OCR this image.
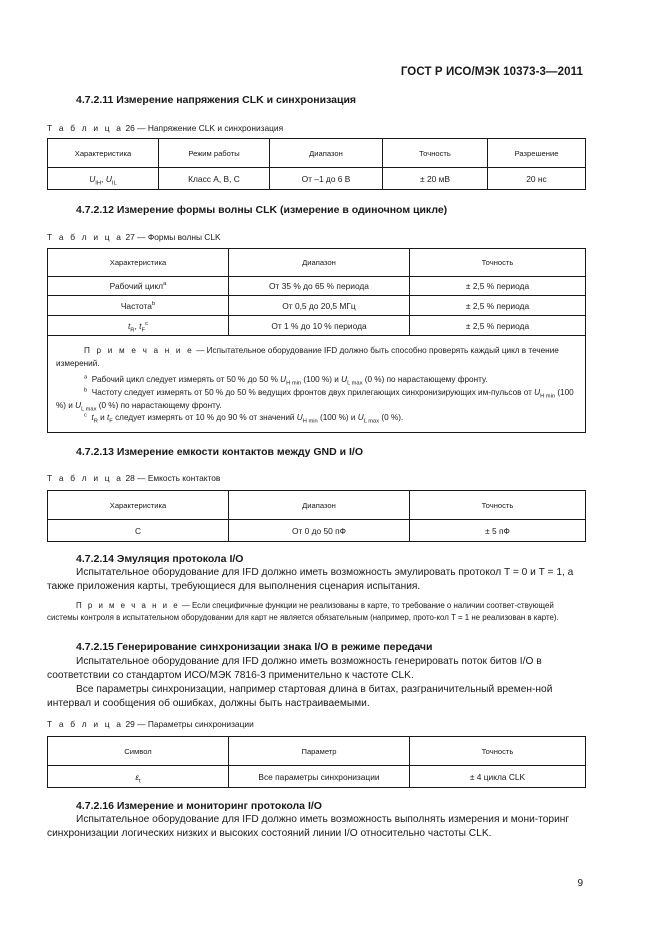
ГОСТ Р ИСО/МЭК 10373-3—2011
4.7.2.11 Измерение напряжения CLK и синхронизация
Т а б л и ц а 26 — Напряжение CLK и синхронизация
Характеристика	Режим работы	Диапазон	Точность	Разрешение
$U_{IH}$, $U_{IL}$	Класс A, B, C	От –1 до 6 В	± 20 мВ	20 нс
4.7.2.12 Измерение формы волны CLK (измерение в одиночном цикле)
Т а б л и ц а 27 — Формы волны CLK
Характеристика	Диапазон	Точность
Рабочий цикл$^a$	От 35 % до 65 % периода	± 2,5 % периода
Частота$^b$	От 0,5 до 20,5 МГц	± 2,5 % периода
$t_R$, $t_F^c$	От 1 % до 10 % периода	± 2,5 % периода

П р и м е ч а н и е — Испытательное оборудование IFD должно быть способно проверять каждый цикл в течение измерений.
$^a$ Рабочий цикл следует измерять от 50 % до 50 % $U_{H min}$ (100 %) и $U_{L max}$ (0 %) по нарастающему фронту.
$^b$ Частоту следует измерять от 50 % до 50 % ведущих фронтов двух прилегающих синхронизирующих им-пульсов от $U_{H min}$ (100 %) и $U_{L max}$ (0 %) по нарастающему фронту.
$^c$ $t_R$ и $t_F$ следует измерять от 10 % до 90 % от значений $U_{H min}$ (100 %) и $U_{L max}$ (0 %).		
4.7.2.13 Измерение емкости контактов между GND и I/O
Т а б л и ц а 28 — Емкость контактов
Характеристика	Диапазон	Точность
C	От 0 до 50 пФ	± 5 пФ
4.7.2.14 Эмуляция протокола I/O
Испытательное оборудование для IFD должно иметь возможность эмулировать протокол T = 0 и T = 1, а также приложения карты, требующиеся для выполнения сценария испытания.
П р и м е ч а н и е — Если специфичные функции не реализованы в карте, то требование о наличии соответ-ствующей системы контроля в испытательном оборудовании для карт не является обязательным (например, прото-кол T = 1 не реализован в карте).
4.7.2.15 Генерирование синхронизации знака I/O в режиме передачи
Испытательное оборудование для IFD должно иметь возможность генерировать поток битов I/O в соответствии со стандартом ИСО/МЭК 7816-3 применительно к частоте CLK.
Все параметры синхронизации, например стартовая длина в битах, разграничительный времен-ной интервал и сообщения об ошибках, должны быть настраиваемыми.
Т а б л и ц а 29 — Параметры синхронизации
Символ	Параметр	Точность
$\varepsilon_t$	Все параметры синхронизации	± 4 цикла CLK
4.7.2.16 Измерение и мониторинг протокола I/O
Испытательное оборудование для IFD должно иметь возможность выполнять измерения и мони-торинг синхронизации логических низких и высоких состояний линии I/O относительно частоты CLK.
9
